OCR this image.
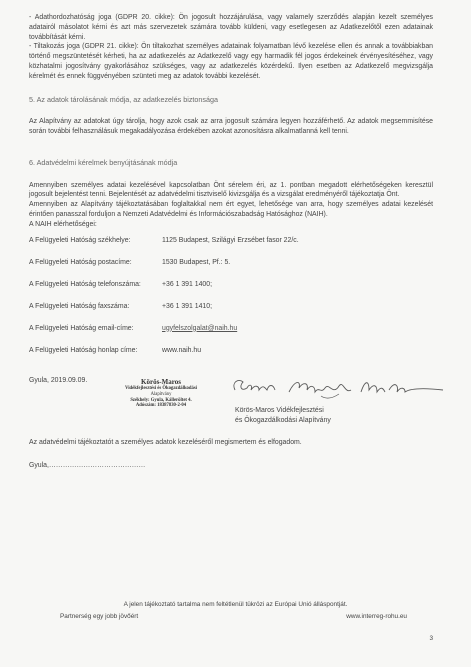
- Adathordozhatóság joga (GDPR 20. cikke): Ön jogosult hozzájárulása, vagy valamely szerződés alapján kezelt személyes adatairól másolatot kérni és azt más szervezetek számára tovább küldeni, vagy esetlegesen az Adatkezelőtől ezen adatainak továbbítását kérni.

- Tiltakozás joga (GDPR 21. cikke): Ön tiltakozhat személyes adatainak folyamatban lévő kezelése ellen és annak a továbbiakban történő megszüntetését kérheti, ha az adatkezelés az Adatkezelő vagy egy harmadik fél jogos érdekeinek érvényesítéséhez, vagy közhatalmi jogosítvány gyakorlásához szükséges, vagy az adatkezelés közérdekű. Ilyen esetben az Adatkezelő megvizsgálja kérelmét és ennek függvényében szünteti meg az adatok további kezelését.

5. Az adatok tárolásának módja, az adatkezelés biztonsága

Az Alapítvány az adatokat úgy tárolja, hogy azok csak az arra jogosult számára legyen hozzáférhető. Az adatok megsemmisítése során további felhasználásuk megakadályozása érdekében azokat azonosításra alkalmatlanná kell tenni.

6. Adatvédelmi kérelmek benyújtásának módja

Amennyiben személyes adatai kezelésével kapcsolatban Önt sérelem éri, az 1. pontban megadott elérhetőségeken keresztül jogosult bejelentést tenni. Bejelentését az adatvédelmi tisztviselő kivizsgálja és a vizsgálat eredményéről tájékoztatja Önt.

Amennyiben az Alapítvány tájékoztatásában foglaltakkal nem ért egyet, lehetősége van arra, hogy személyes adatai kezelését érintően panasszal forduljon a Nemzeti Adatvédelmi és Információszabadság Hatósághoz (NAIH).

A NAIH elérhetőségei:

A Felügyeleti Hatóság székhelye:	1125 Budapest, Szilágyi Erzsébet fasor 22/c.
A Felügyeleti Hatóság postacíme:	1530 Budapest, Pf.: 5.
A Felügyeleti Hatóság telefonszáma:	+36 1 391 1400;
A Felügyeleti Hatóság faxszáma:	+36 1 391 1410;
A Felügyeleti Hatóság email-címe:	ugyfelszolgalat@naih.hu
A Felügyeleti Hatóság honlap címe:	www.naih.hu
Gyula, 2019.09.09.	Körös-Maros
Vidékfejlesztési és Ökogazdálkodási
Alapítvány
Székhely: Gyula, Kálleröltet 4.
Adószám: 18387830-2-04
Körös-Maros Vidékfejlesztési
és Ökogazdálkodási Alapítvány

Az adatvédelmi tájékoztatót a személyes adatok kezeléséről megismertem és elfogadom.

Gyula,……………………………………

A jelen tájékoztató tartalma nem feltétlenül tükrözi az Európai Unió álláspontját.
Partnerség egy jobb jövőért	www.interreg-rohu.eu
3
